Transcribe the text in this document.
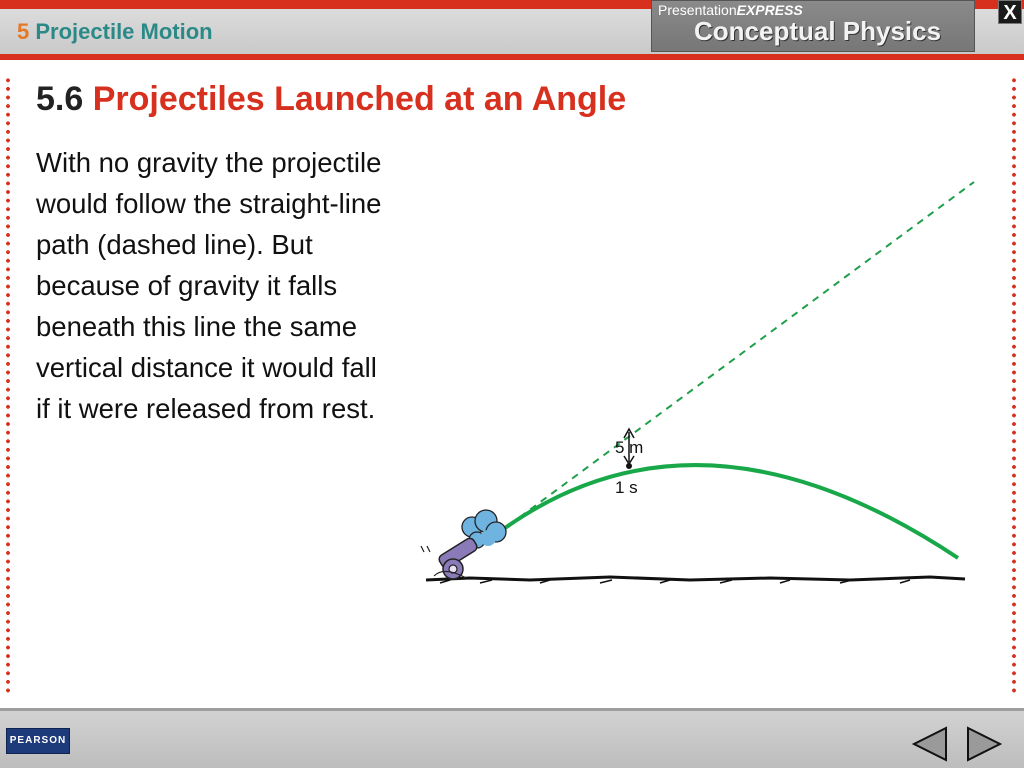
5 Projectile Motion
PresentationEXPRESS
Conceptual Physics
X
5.6 Projectiles Launched at an Angle
With no gravity the projectile would follow the straight-line path (dashed line). But because of gravity it falls beneath this line the same vertical distance it would fall if it were released from rest.
5 m
1 s
PEARSON
